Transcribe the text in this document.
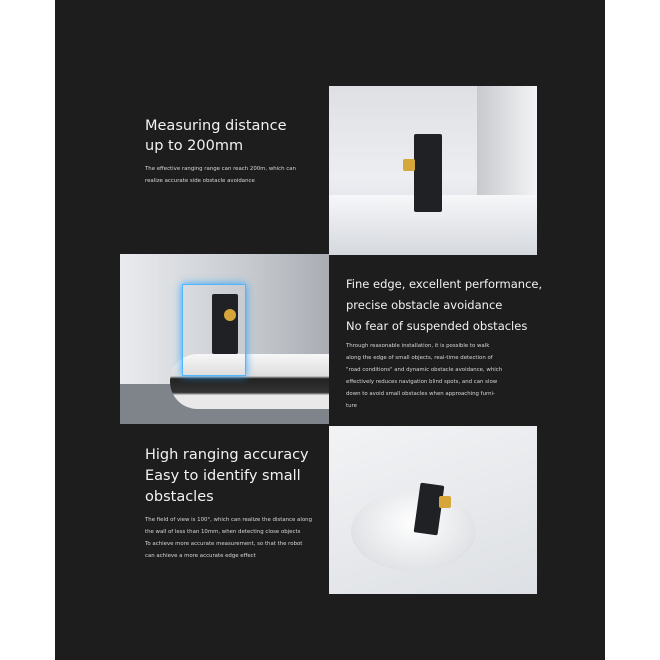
Measuring distance
up to 200mm
The effective ranging range can reach 200m, which can
realize accurate side obstacle avoidance
Fine edge, excellent performance,
precise obstacle avoidance
No fear of suspended obstacles
Through reasonable installation, it is possible to walk
along the edge of small objects, real-time detection of
"road conditions" and dynamic obstacle avoidance, which
effectively reduces navigation blind spots, and can slow
down to avoid small obstacles when approaching furni-
ture
High ranging accuracy
Easy to identify small
obstacles
The field of view is 100°, which can realize the distance along
the wall of less than 10mm, when detecting close objects
To achieve more accurate measurement, so that the robot
can achieve a more accurate edge effect
